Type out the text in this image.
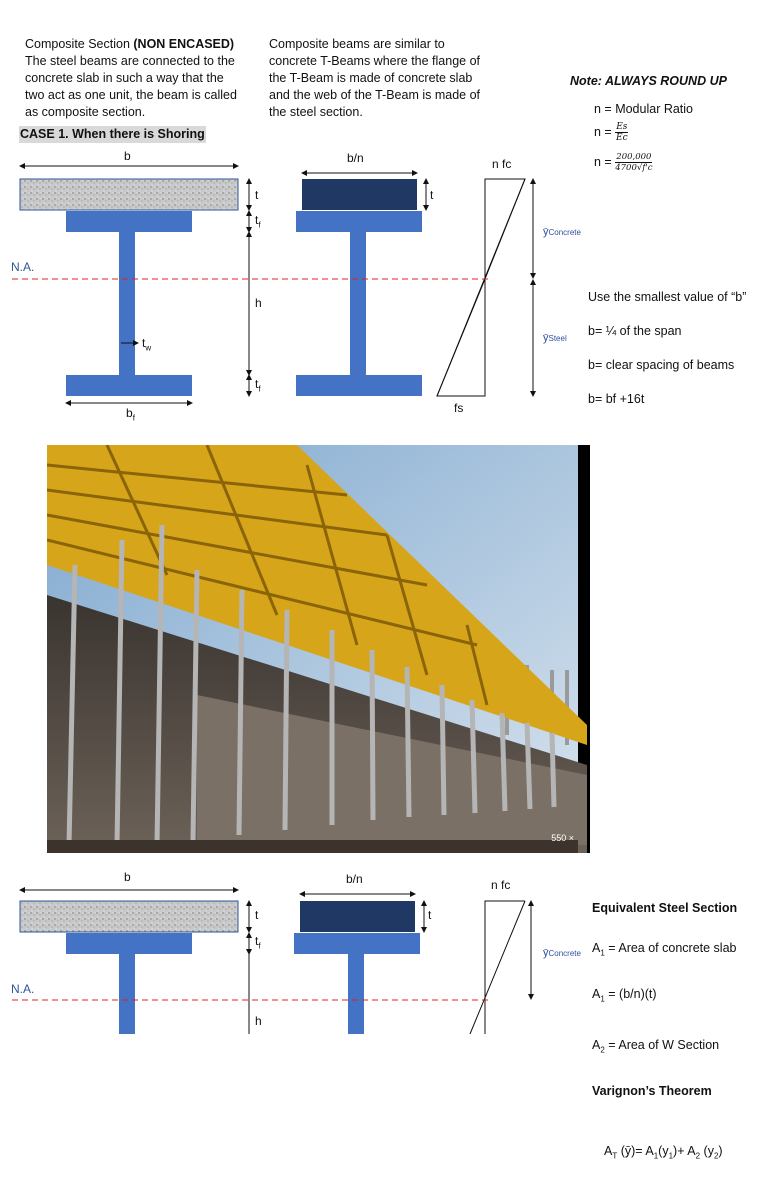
Composite Section (NON ENCASED)

The steel beams are connected to the
concrete slab in such a way that the
two act as one unit, the beam is called
as composite section.

Composite beams are similar to
concrete T-Beams where the flange of
the T-Beam is made of concrete slab
and the web of the T-Beam is made of
the steel section.

Note: ALWAYS ROUND UP
n = Modular Ratio
$n = \frac{Es}{Ec}$
$n = \frac{200,000}{4700√f'c}$
CASE 1. When there is Shoring

Use the smallest value of “b”

b= ¼ of the span

b= clear spacing of beams

b= bf +16t

b	b/n
t
$t_f$
h
$t_f$
$t_w$
$b_f$
t
N.A.
n fc
fs
ȳConcrete
ȳSteel
550 ×
b	b/n
t
$t_f$
h
t
N.A.
n fc
ȳConcrete

Equivalent Steel Section

$A_1$ = Area of concrete slab

$A_1 = (b/n)(t)$

$A_2$ = Area of W Section

Varignon’s Theorem

$A_T$ (ȳ)= $A_1(y_1)+ A_2$ $(y_2)$
